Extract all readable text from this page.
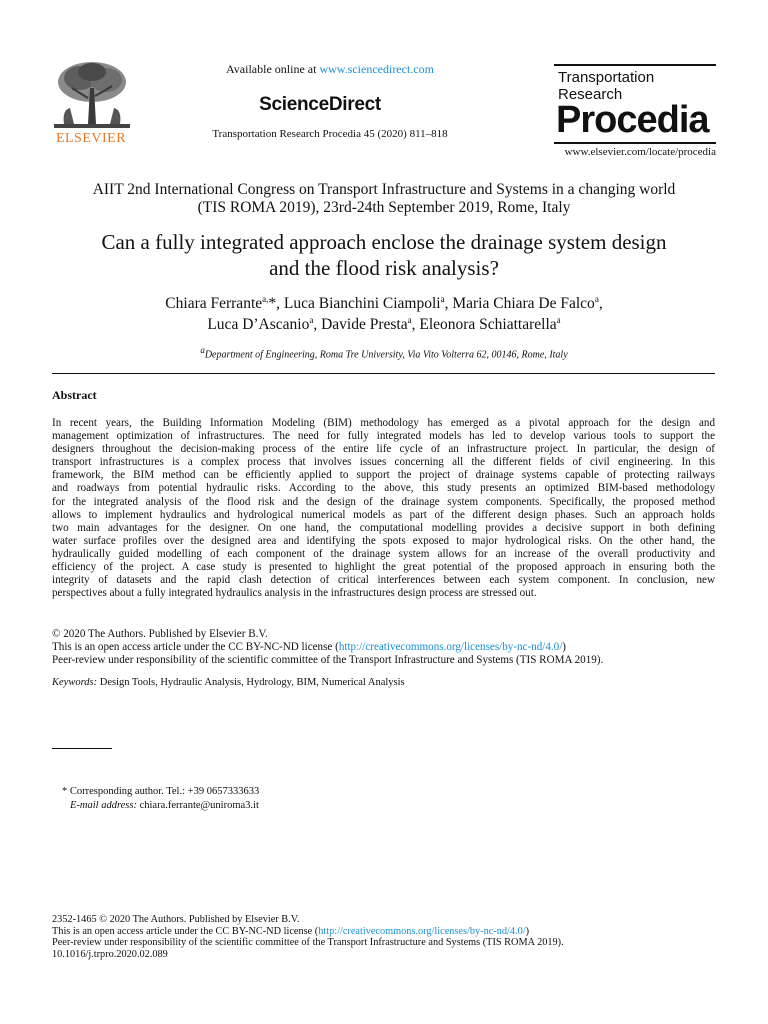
ELSEVIER
Available online at www.sciencedirect.com
ScienceDirect
Transportation Research Procedia 45 (2020) 811–818
Transportation
Research
Procedia
www.elsevier.com/locate/procedia
AIIT 2nd International Congress on Transport Infrastructure and Systems in a changing world
(TIS ROMA 2019), 23rd-24th September 2019, Rome, Italy
Can a fully integrated approach enclose the drainage system design
and the flood risk analysis?
Chiara Ferrante$^{a,}$*, Luca Bianchini Ciampoli$^a$, Maria Chiara De Falco$^a$,
Luca D’Ascanio$^a$, Davide Presta$^a$, Eleonora Schiattarella$^a$
$^a$Department of Engineering, Roma Tre University, Via Vito Volterra 62, 00146, Rome, Italy
Abstract
In recent years, the Building Information Modeling (BIM) methodology has emerged as a pivotal approach for the design and
management optimization of infrastructures. The need for fully integrated models has led to develop various tools to support the
designers throughout the decision-making process of the entire life cycle of an infrastructure project. In particular, the design of
transport infrastructures is a complex process that involves issues concerning all the different fields of civil engineering. In this
framework, the BIM method can be efficiently applied to support the project of drainage systems capable of protecting railways
and roadways from potential hydraulic risks. According to the above, this study presents an optimized BIM-based methodology
for the integrated analysis of the flood risk and the design of the drainage system components. Specifically, the proposed method
allows to implement hydraulics and hydrological numerical models as part of the different design phases. Such an approach holds
two main advantages for the designer. On one hand, the computational modelling provides a decisive support in both defining
water surface profiles over the designed area and identifying the spots exposed to major hydrological risks. On the other hand, the
hydraulically guided modelling of each component of the drainage system allows for an increase of the overall productivity and
efficiency of the project. A case study is presented to highlight the great potential of the proposed approach in ensuring both the
integrity of datasets and the rapid clash detection of critical interferences between each system component. In conclusion, new
perspectives about a fully integrated hydraulics analysis in the infrastructures design process are stressed out.
© 2020 The Authors. Published by Elsevier B.V.
This is an open access article under the CC BY-NC-ND license (http://creativecommons.org/licenses/by-nc-nd/4.0/)
Peer-review under responsibility of the scientific committee of the Transport Infrastructure and Systems (TIS ROMA 2019).
Keywords: Design Tools, Hydraulic Analysis, Hydrology, BIM, Numerical Analysis
* Corresponding author. Tel.: +39 0657333633
E-mail address: chiara.ferrante@uniroma3.it
2352-1465 © 2020 The Authors. Published by Elsevier B.V.
This is an open access article under the CC BY-NC-ND license (http://creativecommons.org/licenses/by-nc-nd/4.0/)
Peer-review under responsibility of the scientific committee of the Transport Infrastructure and Systems (TIS ROMA 2019).
10.1016/j.trpro.2020.02.089
